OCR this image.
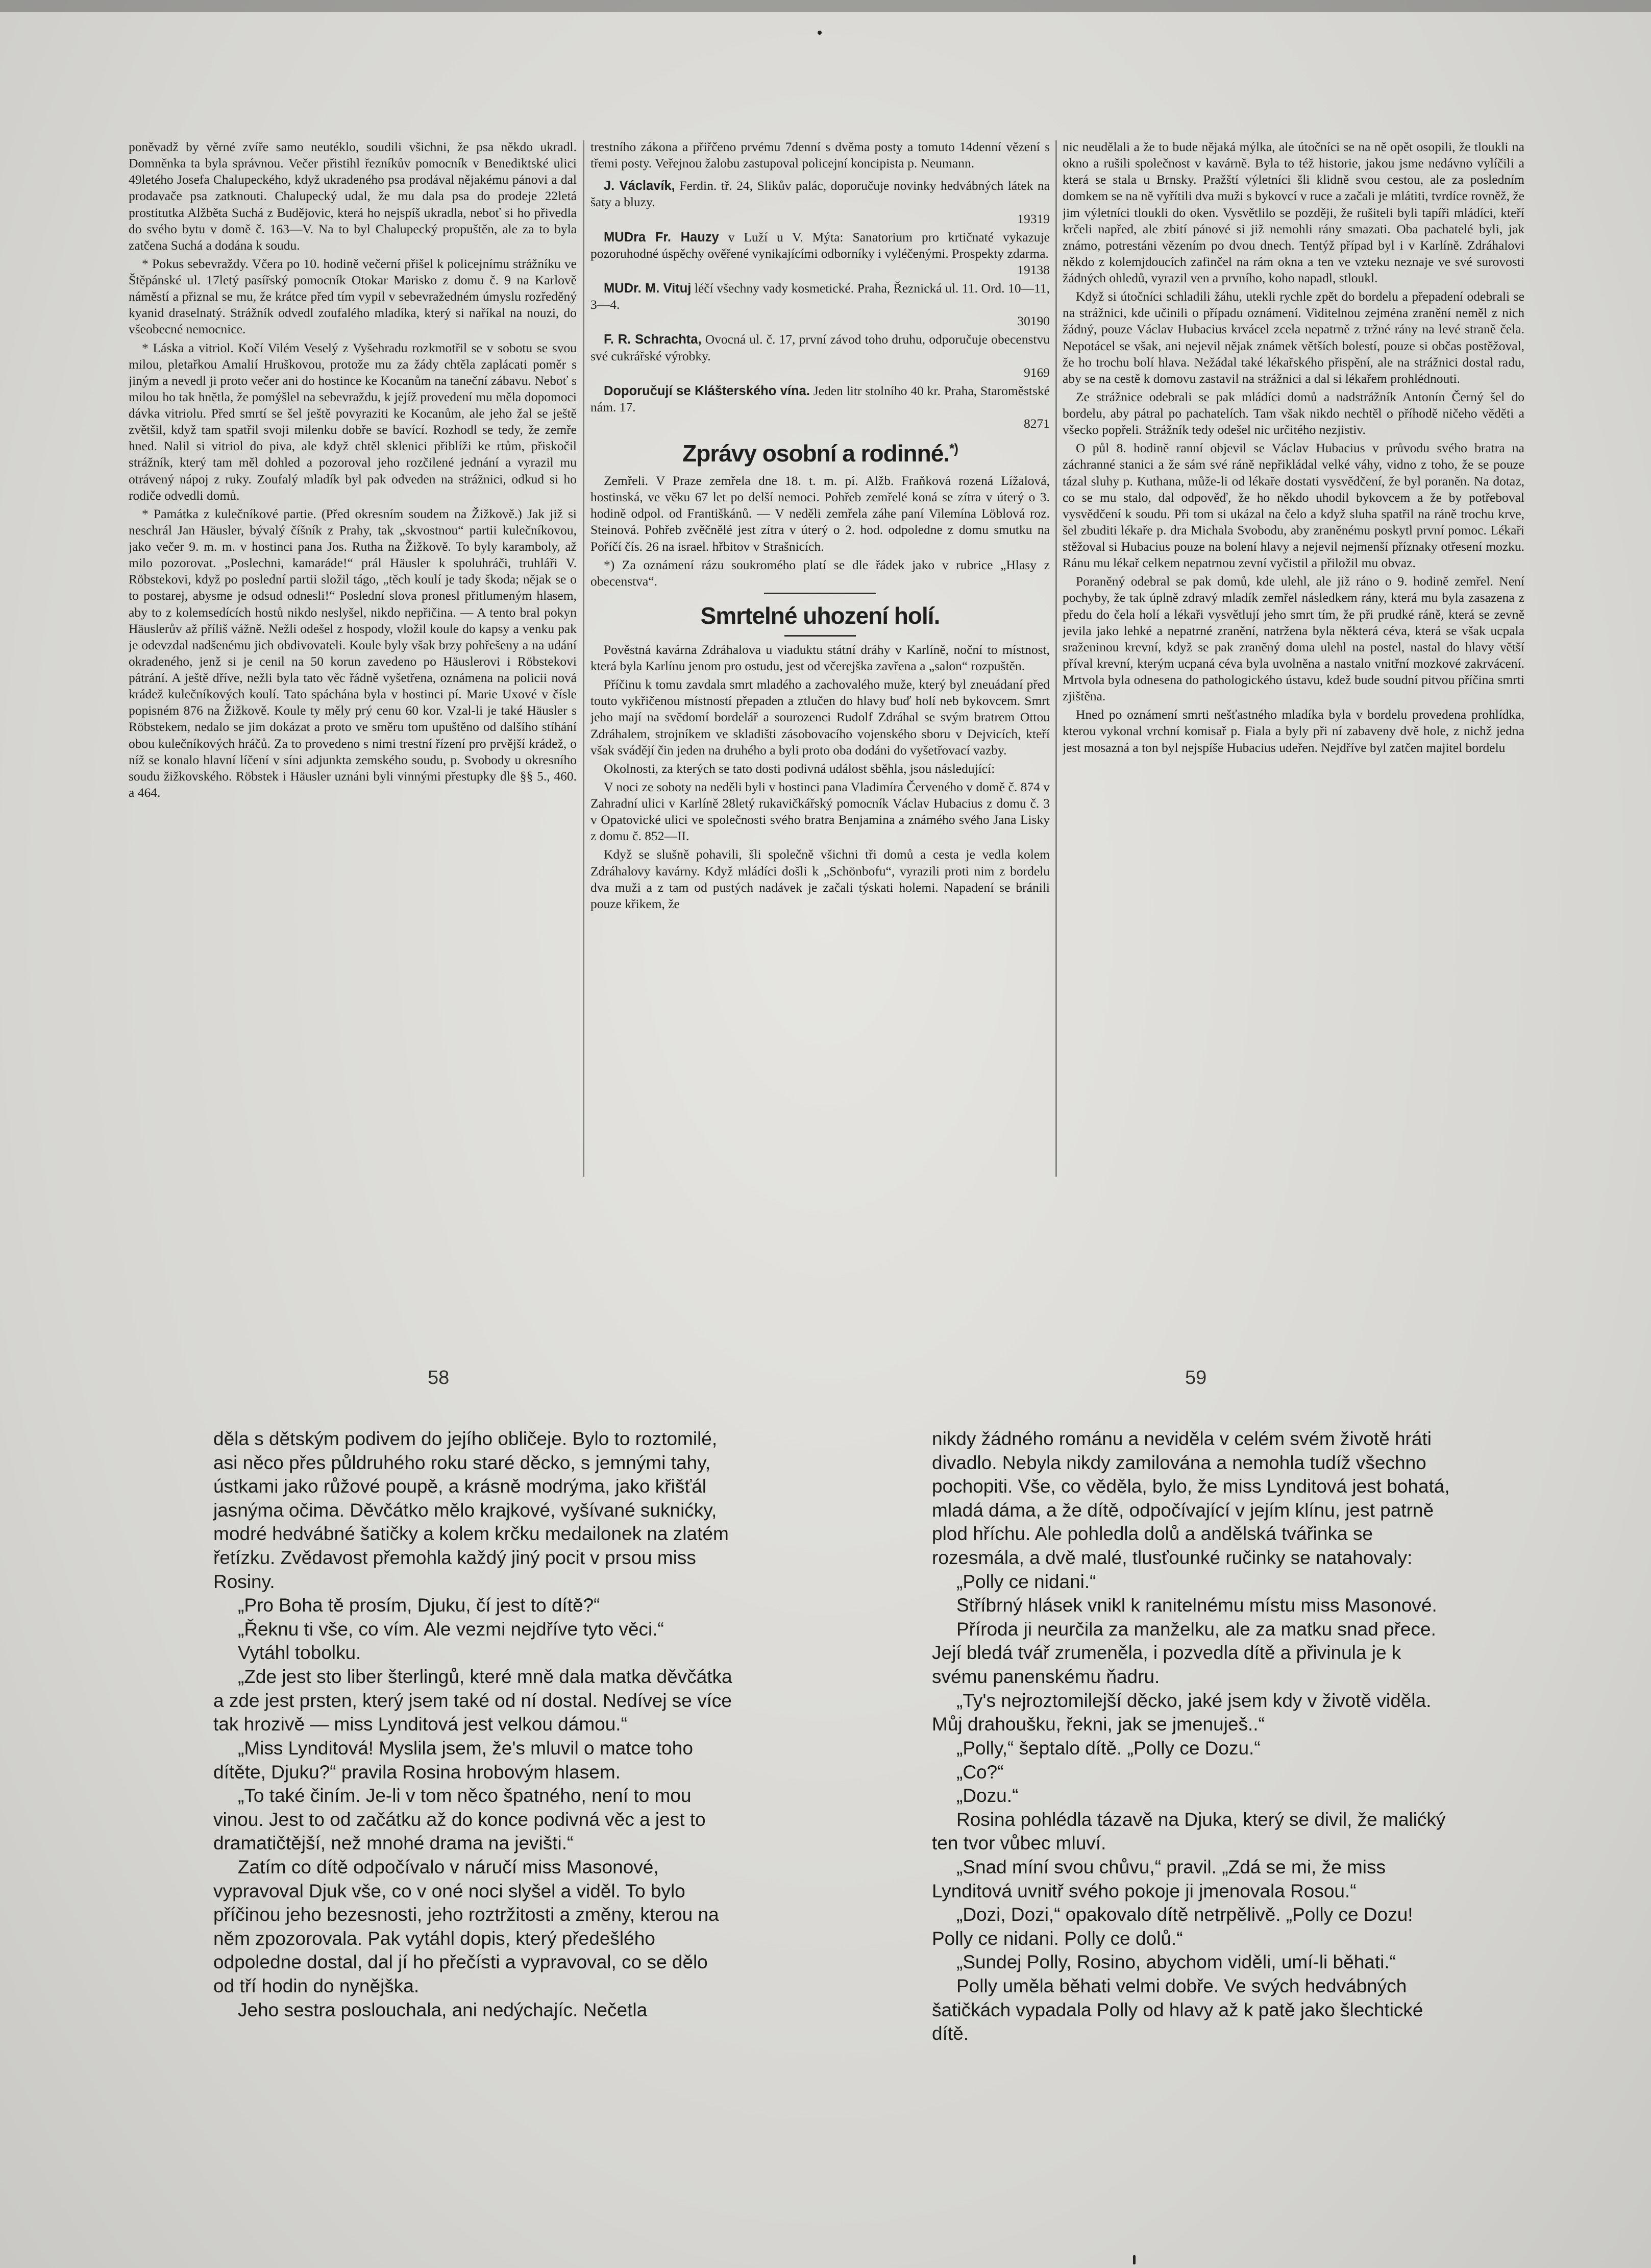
poněvadž by věrné zvíře samo neutéklo, soudili všichni, že psa někdo ukradl. Domněnka ta byla správnou. Večer přistihl řezníkův pomocník v Benediktské ulici 49letého Josefa Chalupeckého, když ukradeného psa prodával nějakému pánovi a dal prodavače psa zatknouti. Chalupecký udal, že mu dala psa do prodeje 22letá prostitutka Alžběta Suchá z Budějovic, která ho nejspíš ukradla, neboť si ho přivedla do svého bytu v domě č. 163—V. Na to byl Chalupecký propuštěn, ale za to byla zatčena Suchá a dodána k soudu.

* Pokus sebevraždy. Včera po 10. hodině večerní přišel k policejnímu strážníku ve Štěpánské ul. 17letý pasířský pomocník Otokar Marisko z domu č. 9 na Karlově náměstí a přiznal se mu, že krátce před tím vypil v sebevražedném úmyslu rozředěný kyanid draselnatý. Strážník odvedl zoufalého mladíka, který si naříkal na nouzi, do všeobecné nemocnice.

* Láska a vitriol. Kočí Vilém Veselý z Vyšehradu rozkmotřil se v sobotu se svou milou, pletařkou Amalií Hruškovou, protože mu za žády chtěla zaplácati poměr s jiným a nevedl ji proto večer ani do hostince ke Kocanům na taneční zábavu. Neboť s milou ho tak hnětla, že pomýšlel na sebevraždu, k jejíž provedení mu měla dopomoci dávka vitriolu. Před smrtí se šel ještě povyraziti ke Kocanům, ale jeho žal se ještě zvětšil, když tam spatřil svoji milenku dobře se bavící. Rozhodl se tedy, že zemře hned. Nalil si vitriol do piva, ale když chtěl sklenici přiblíži ke rtům, přiskočil strážník, který tam měl dohled a pozoroval jeho rozčilené jednání a vyrazil mu otrávený nápoj z ruky. Zoufalý mladík byl pak odveden na strážnici, odkud si ho rodiče odvedli domů.

* Památka z kulečníkové partie. (Před okresním soudem na Žižkově.) Jak již si neschrál Jan Häusler, bývalý číšník z Prahy, tak „skvostnou“ partii kulečníkovou, jako večer 9. m. m. v hostinci pana Jos. Rutha na Žižkově. To byly karamboly, až milo pozorovat. „Poslechni, kamaráde!“ prál Häusler k spoluhráči, truhláři V. Röbstekovi, když po poslední partii složil tágo, „těch koulí je tady škoda; nějak se o to postarej, abysme je odsud odnesli!“ Poslední slova pronesl přitlumeným hlasem, aby to z kolemsedících hostů nikdo neslyšel, nikdo nepřičina. — A tento bral pokyn Häuslerův až příliš vážně. Nežli odešel z hospody, vložil koule do kapsy a venku pak je odevzdal nadšenému jich obdivovateli. Koule byly však brzy pohřešeny a na udání okradeného, jenž si je cenil na 50 korun zavedeno po Häuslerovi i Röbstekovi pátrání. A ještě dříve, nežli byla tato věc řádně vyšetřena, oznámena na policii nová krádež kulečníkových koulí. Tato spáchána byla v hostinci pí. Marie Uxové v čísle popisném 876 na Žižkově. Koule ty měly prý cenu 60 kor. Vzal-li je také Häusler s Röbstekem, nedalo se jim dokázat a proto ve směru tom upuštěno od dalšího stíhání obou kulečníkových hráčů. Za to provedeno s nimi trestní řízení pro prvější krádež, o níž se konalo hlavní líčení v síni adjunkta zemského soudu, p. Svobody u okresního soudu žižkovského. Röbstek i Häusler uznáni byli vinnými přestupky dle §§ 5., 460. a 464.

trestního zákona a přiřčeno prvému 7denní s dvěma posty a tomuto 14denní vězení s třemi posty. Veřejnou žalobu zastupoval policejní koncipista p. Neumann.

J. Václavík, Ferdin. tř. 24, Slikův palác, doporučuje novinky hedvábných látek na šaty a bluzy.
19319

MUDra Fr. Hauzy v Luží u V. Mýta: Sanatorium pro krtičnaté vykazuje pozoruhodné úspěchy ověřené vynikajícími odborníky i vyléčenými. Prospekty zdarma.
19138

MUDr. M. Vituj léčí všechny vady kosmetické. Praha, Řeznická ul. 11. Ord. 10—11, 3—4.
30190

F. R. Schrachta, Ovocná ul. č. 17, první závod toho druhu, odporučuje obecenstvu své cukrářské výrobky.
9169

Doporučují se Klášterského vína. Jeden litr stolního 40 kr. Praha, Staroměstské nám. 17.
8271

Zprávy osobní a rodinné.*)

Zemřeli. V Praze zemřela dne 18. t. m. pí. Alžb. Fraňková rozená Lížalová, hostinská, ve věku 67 let po delší nemoci. Pohřeb zemřelé koná se zítra v úterý o 3. hodině odpol. od Františkánů. — V neděli zemřela záhe paní Vilemína Löblová roz. Steinová. Pohřeb zvěčnělé jest zítra v úterý o 2. hod. odpoledne z domu smutku na Poříčí čís. 26 na israel. hřbitov v Strašnicích.

*) Za oznámení rázu soukromého platí se dle řádek jako v rubrice „Hlasy z obecenstva“.

Smrtelné uhození holí.

Pověstná kavárna Zdráhalova u viaduktu státní dráhy v Karlíně, noční to místnost, která byla Karlínu jenom pro ostudu, jest od včerejška zavřena a „salon“ rozpuštěn.

Příčinu k tomu zavdala smrt mladého a zachovalého muže, který byl zneuádaní před touto vykřičenou místností přepaden a ztlučen do hlavy buď holí neb bykovcem. Smrt jeho mají na svědomí bordelář a sourozenci Rudolf Zdráhal se svým bratrem Ottou Zdráhalem, strojníkem ve skladišti zásobovacího vojenského sboru v Dejvicích, kteří však svádějí čin jeden na druhého a byli proto oba dodáni do vyšetřovací vazby.

Okolnosti, za kterých se tato dosti podivná událost sběhla, jsou následující:

V noci ze soboty na neděli byli v hostinci pana Vladimíra Červeného v domě č. 874 v Zahradní ulici v Karlíně 28letý rukavičkářský pomocník Václav Hubacius z domu č. 3 v Opatovické ulici ve společnosti svého bratra Benjamina a známého svého Jana Lisky z domu č. 852—II.

Když se slušně pohavili, šli společně všichni tři domů a cesta je vedla kolem Zdráhalovy kavárny. Když mládíci došli k „Schönbofu“, vyrazili proti nim z bordelu dva muži a z tam od pustých nadávek je začali týskati holemi. Napadení se bránili pouze křikem, že

nic neudělali a že to bude nějaká mýlka, ale útočníci se na ně opět osopili, že tloukli na okno a rušili společnost v kavárně. Byla to též historie, jakou jsme nedávno vylíčili a která se stala u Brnsky. Pražští výletníci šli klidně svou cestou, ale za posledním domkem se na ně vyřítili dva muži s bykovcí v ruce a začali je mlátiti, tvrdíce rovněž, že jim výletníci tloukli do oken. Vysvětlilo se později, že rušiteli byli tapíři mládíci, kteří krčeli napřed, ale zbití pánové si již nemohli rány smazati. Oba pachatelé byli, jak známo, potrestáni vězením po dvou dnech. Tentýž případ byl i v Karlíně. Zdráhalovi někdo z kolemjdoucích zafinčel na rám okna a ten ve vzteku neznaje ve své surovosti žádných ohledů, vyrazil ven a prvního, koho napadl, stloukl.

Když si útočníci schladili žáhu, utekli rychle zpět do bordelu a přepadení odebrali se na strážnici, kde učinili o případu oznámení. Viditelnou zejména zranění neměl z nich žádný, pouze Václav Hubacius krvácel zcela nepatrně z tržné rány na levé straně čela. Nepotácel se však, ani nejevil nějak známek větších bolestí, pouze si občas postěžoval, že ho trochu bolí hlava. Nežádal také lékařského přispění, ale na strážnici dostal radu, aby se na cestě k domovu zastavil na strážnici a dal si lékařem prohlédnouti.

Ze strážnice odebrali se pak mládíci domů a nadstrážník Antonín Černý šel do bordelu, aby pátral po pachatelích. Tam však nikdo nechtěl o příhodě ničeho věděti a všecko popřeli. Strážník tedy odešel nic určitého nezjistiv.

O půl 8. hodině ranní objevil se Václav Hubacius v průvodu svého bratra na záchranné stanici a že sám své ráně nepřikládal velké váhy, vidno z toho, že se pouze tázal sluhy p. Kuthana, může-li od lékaře dostati vysvědčení, že byl poraněn. Na dotaz, co se mu stalo, dal odpověď, že ho někdo uhodil bykovcem a že by potřeboval vysvědčení k soudu. Při tom si ukázal na čelo a když sluha spatřil na ráně trochu krve, šel zbuditi lékaře p. dra Michala Svobodu, aby zraněnému poskytl první pomoc. Lékaři stěžoval si Hubacius pouze na bolení hlavy a nejevil nejmenší příznaky otřesení mozku. Ránu mu lékař celkem nepatrnou zevní vyčistil a přiložil mu obvaz.

Poraněný odebral se pak domů, kde ulehl, ale již ráno o 9. hodině zemřel. Není pochyby, že tak úplně zdravý mladík zemřel následkem rány, která mu byla zasazena z předu do čela holí a lékaři vysvětlují jeho smrt tím, že při prudké ráně, která se zevně jevila jako lehké a nepatrné zranění, natržena byla některá céva, která se však ucpala sraženinou krevní, když se pak zraněný doma ulehl na postel, nastal do hlavy větší příval krevní, kterým ucpaná céva byla uvolněna a nastalo vnitřní mozkové zakrvácení. Mrtvola byla odnesena do pathologického ústavu, kdež bude soudní pitvou příčina smrti zjištěna.

Hned po oznámení smrti nešťastného mladíka byla v bordelu provedena prohlídka, kterou vykonal vrchní komisař p. Fiala a byly při ní zabaveny dvě hole, z nichž jedna jest mosazná a ton byl nejspíše Hubacius udeřen. Nejdříve byl zatčen majitel bordelu

58	59

děla s dětským podivem do jejího obličeje. Bylo to roztomilé, asi něco přes půldruhého roku staré děcko, s jemnými tahy, ústkami jako růžové poupě, a krásně modrýma, jako křišťál jasnýma očima. Děvčátko mělo krajkové, vyšívané suknićky, modré hedvábné šatičky a kolem krčku medailonek na zlatém řetízku. Zvědavost přemohla každý jiný pocit v prsou miss Rosiny.

„Pro Boha tě prosím, Djuku, čí jest to dítě?“

„Řeknu ti vše, co vím. Ale vezmi nejdříve tyto věci.“

Vytáhl tobolku.

„Zde jest sto liber šterlingů, které mně dala matka děvčátka a zde jest prsten, který jsem také od ní dostal. Nedívej se více tak hrozivě — miss Lynditová jest velkou dámou.“

„Miss Lynditová! Myslila jsem, že's mluvil o matce toho dítěte, Djuku?“ pravila Rosina hrobovým hlasem.

„To také činím. Je-li v tom něco špatného, není to mou vinou. Jest to od začátku až do konce podivná věc a jest to dramatičtější, než mnohé drama na jevišti.“

Zatím co dítě odpočívalo v náručí miss Masonové, vypravoval Djuk vše, co v oné noci slyšel a viděl. To bylo příčinou jeho bezesnosti, jeho roztržitosti a změny, kterou na něm zpozorovala. Pak vytáhl dopis, který předešlého odpoledne dostal, dal jí ho přečísti a vypravoval, co se dělo od tří hodin do nynějška.

Jeho sestra poslouchala, ani nedýchajíc. Nečetla

nikdy žádného románu a neviděla v celém svém životě hráti divadlo. Nebyla nikdy zamilována a nemohla tudíž všechno pochopiti. Vše, co věděla, bylo, že miss Lynditová jest bohatá, mladá dáma, a že dítě, odpočívající v jejím klínu, jest patrně plod hříchu. Ale pohledla dolů a andělská tvářinka se rozesmála, a dvě malé, tlusťounké ručinky se natahovaly:

„Polly ce nidani.“

Stříbrný hlásek vnikl k ranitelnému místu miss Masonové.

Příroda ji neurčila za manželku, ale za matku snad přece. Její bledá tvář zrumeněla, i pozvedla dítě a přivinula je k svému panenskému ňadru.

„Ty's nejroztomilejší děcko, jaké jsem kdy v životě viděla. Můj drahoušku, řekni, jak se jmenuješ..“

„Polly,“ šeptalo dítě. „Polly ce Dozu.“

„Co?“

„Dozu.“

Rosina pohlédla tázavě na Djuka, který se divil, že malićký ten tvor vůbec mluví.

„Snad míní svou chůvu,“ pravil. „Zdá se mi, že miss Lynditová uvnitř svého pokoje ji jmenovala Rosou.“

„Dozi, Dozi,“ opakovalo dítě netrpělivě. „Polly ce Dozu! Polly ce nidani. Polly ce dolů.“

„Sundej Polly, Rosino, abychom viděli, umí-li běhati.“

Polly uměla běhati velmi dobře. Ve svých hedvábných šatičkách vypadala Polly od hlavy až k patě jako šlechtické dítě.
